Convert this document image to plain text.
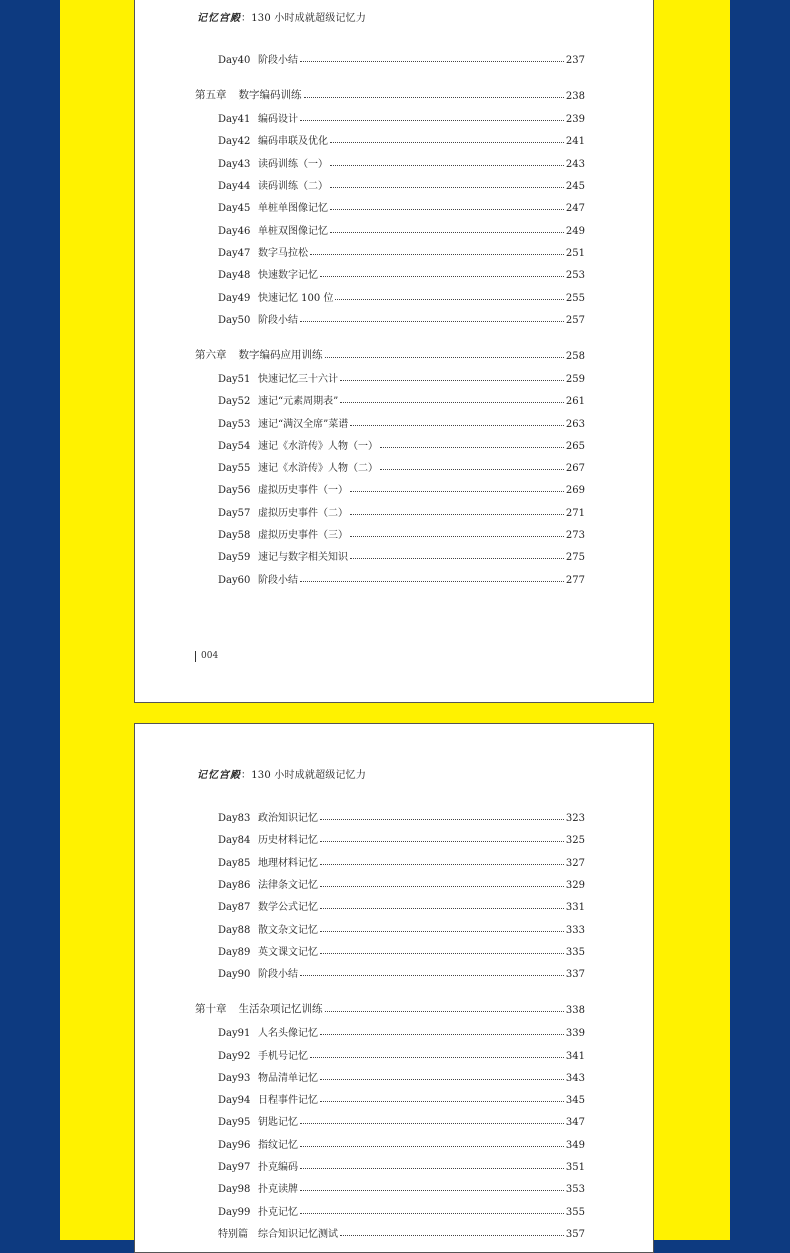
记忆宫殿：130 小时成就超级记忆力
Day40 阶段小结	237
第五章 数字编码训练	238
Day41 编码设计	239
Day42 编码串联及优化	241
Day43 读码训练（一）	243
Day44 读码训练（二）	245
Day45 单桩单图像记忆	247
Day46 单桩双图像记忆	249
Day47 数字马拉松	251
Day48 快速数字记忆	253
Day49 快速记忆 100 位	255
Day50 阶段小结	257
第六章 数字编码应用训练	258
Day51 快速记忆三十六计	259
Day52 速记“元素周期表”	261
Day53 速记“满汉全席”菜谱	263
Day54 速记《水浒传》人物（一）	265
Day55 速记《水浒传》人物（二）	267
Day56 虚拟历史事件（一）	269
Day57 虚拟历史事件（二）	271
Day58 虚拟历史事件（三）	273
Day59 速记与数字相关知识	275
Day60 阶段小结	277
004
记忆宫殿：130 小时成就超级记忆力
Day83 政治知识记忆	323
Day84 历史材料记忆	325
Day85 地理材料记忆	327
Day86 法律条文记忆	329
Day87 数学公式记忆	331
Day88 散文杂文记忆	333
Day89 英文课文记忆	335
Day90 阶段小结	337
第十章 生活杂项记忆训练	338
Day91 人名头像记忆	339
Day92 手机号记忆	341
Day93 物品清单记忆	343
Day94 日程事件记忆	345
Day95 钥匙记忆	347
Day96 指纹记忆	349
Day97 扑克编码	351
Day98 扑克读牌	353
Day99 扑克记忆	355
特别篇	综合知识记忆测试	357
